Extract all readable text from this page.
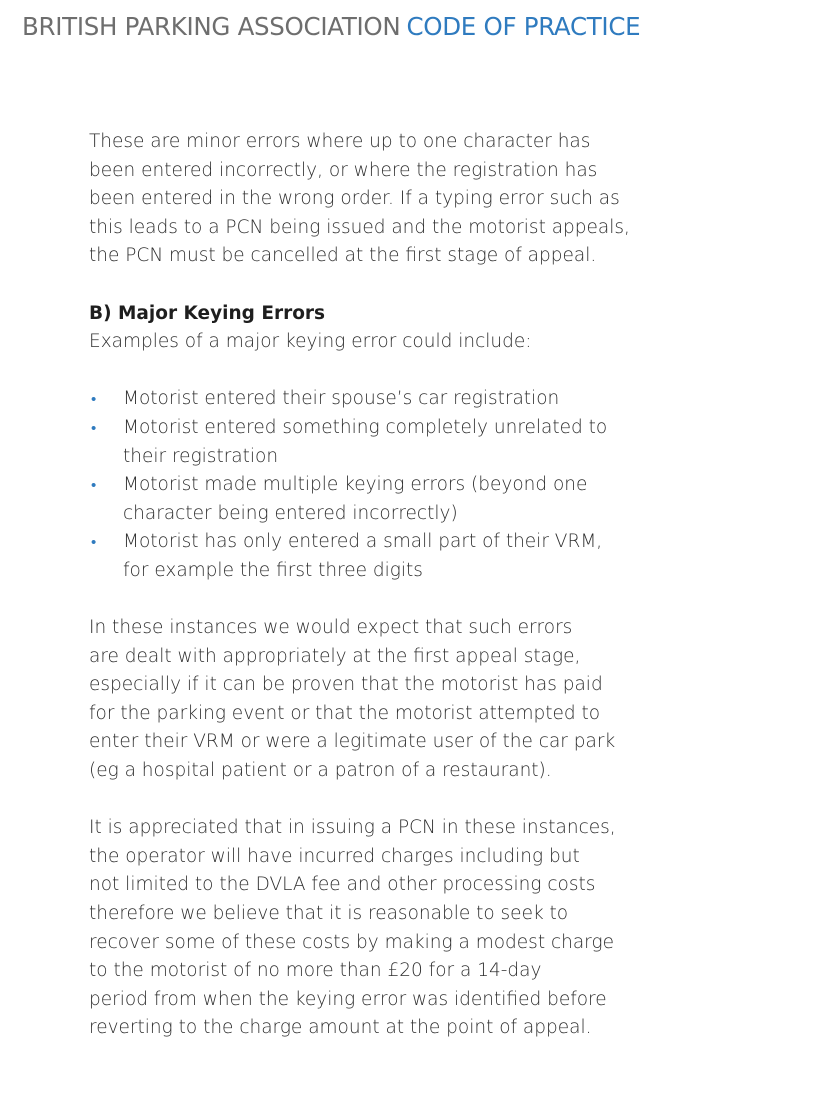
BRITISH PARKING ASSOCIATION CODE OF PRACTICE

These are minor errors where up to one character has
been entered incorrectly, or where the registration has
been entered in the wrong order. If a typing error such as
this leads to a PCN being issued and the motorist appeals,
the PCN must be cancelled at the first stage of appeal.

B) Major Keying Errors

Examples of a major keying error could include:

• Motorist entered their spouse’s car registration
• Motorist entered something completely unrelated to
their registration
• Motorist made multiple keying errors (beyond one
character being entered incorrectly)
• Motorist has only entered a small part of their VRM,
for example the first three digits

In these instances we would expect that such errors
are dealt with appropriately at the first appeal stage,
especially if it can be proven that the motorist has paid
for the parking event or that the motorist attempted to
enter their VRM or were a legitimate user of the car park
(eg a hospital patient or a patron of a restaurant).

It is appreciated that in issuing a PCN in these instances,
the operator will have incurred charges including but
not limited to the DVLA fee and other processing costs
therefore we believe that it is reasonable to seek to
recover some of these costs by making a modest charge
to the motorist of no more than £20 for a 14-day
period from when the keying error was identified before
reverting to the charge amount at the point of appeal.
